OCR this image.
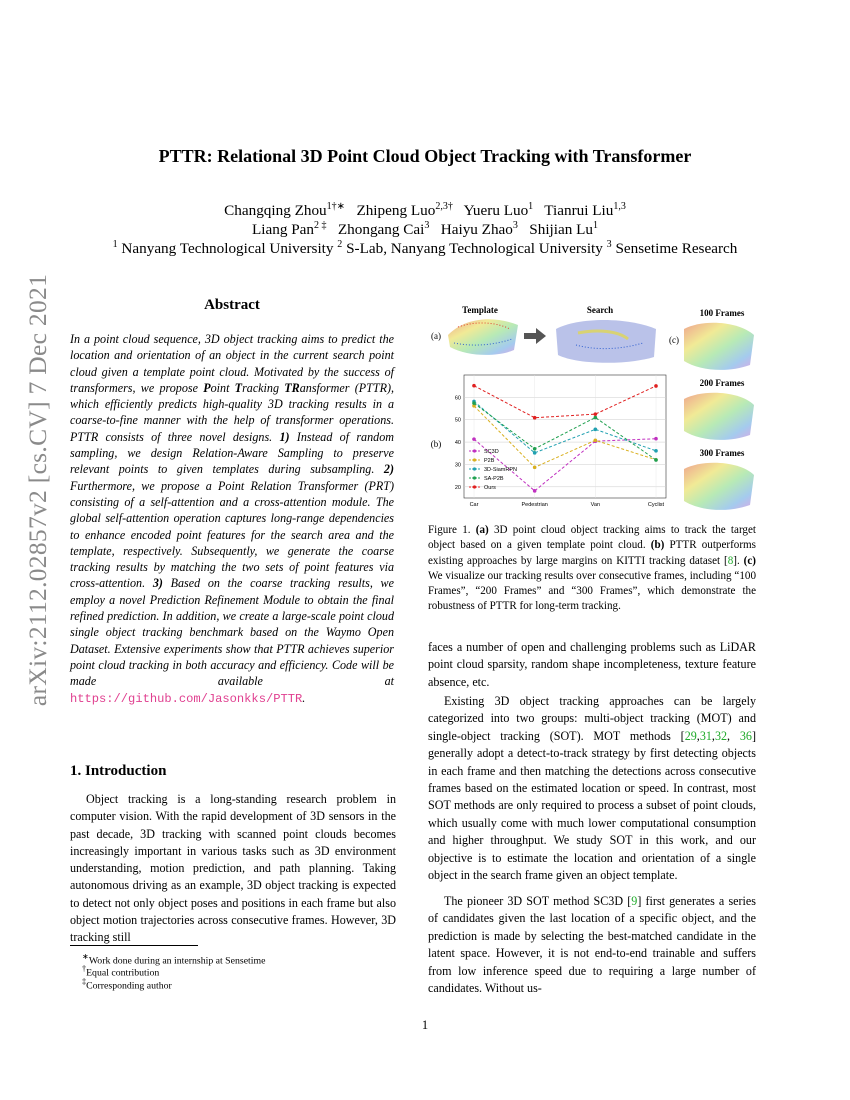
arXiv:2112.02857v2 [cs.CV] 7 Dec 2021
PTTR: Relational 3D Point Cloud Object Tracking with Transformer
Changqing Zhou$^{1\dagger∗}$ Zhipeng Luo$^{2,3\dagger}$ Yueru Luo$^1$ Tianrui Liu$^{1,3}$
Liang Pan$^{2 \ddagger}$ Zhongang Cai$^3$ Haiyu Zhao$^3$ Shijian Lu$^1$
$^1$ Nanyang Technological University $^2$ S-Lab, Nanyang Technological University $^3$ Sensetime Research
Abstract
In a point cloud sequence, 3D object tracking aims to predict the location and orientation of an object in the current search point cloud given a template point cloud. Motivated by the success of transformers, we propose Point Tracking TRansformer (PTTR), which efficiently predicts high-quality 3D tracking results in a coarse-to-fine manner with the help of transformer operations. PTTR consists of three novel designs. 1) Instead of random sampling, we design Relation-Aware Sampling to preserve relevant points to given templates during subsampling. 2) Furthermore, we propose a Point Relation Transformer (PRT) consisting of a self-attention and a cross-attention module. The global self-attention operation captures long-range dependencies to enhance encoded point features for the search area and the template, respectively. Subsequently, we generate the coarse tracking results by matching the two sets of point features via cross-attention. 3) Based on the coarse tracking results, we employ a novel Prediction Refinement Module to obtain the final refined prediction. In addition, we create a large-scale point cloud single object tracking benchmark based on the Waymo Open Dataset. Extensive experiments show that PTTR achieves superior point cloud tracking in both accuracy and efficiency. Code will be made available at https://github.com/Jasonkks/PTTR.
1. Introduction
Object tracking is a long-standing research problem in computer vision. With the rapid development of 3D sensors in the past decade, 3D tracking with scanned point clouds becomes increasingly important in various tasks such as 3D environment understanding, motion prediction, and path planning. Taking autonomous driving as an example, 3D object tracking is expected to detect not only object poses and positions in each frame but also object motion trajectories across consecutive frames. However, 3D tracking still
∗Work done during an internship at Sensetime
†Equal contribution
‡Corresponding author
(a)
Template	Search
(c)
100 Frames
200 Frames
300 Frames
(b)
20
30
40
50
60
Car	Pedestrian	Van	Cyclist
SC3D
P2B
3D-SiamRPN
SA-P2B
Ours
Figure 1. (a) 3D point cloud object tracking aims to track the target object based on a given template point cloud. (b) PTTR outperforms existing approaches by large margins on KITTI tracking dataset [8]. (c) We visualize our tracking results over consecutive frames, including “100 Frames”, “200 Frames” and “300 Frames”, which demonstrate the robustness of PTTR for long-term tracking.
faces a number of open and challenging problems such as LiDAR point cloud sparsity, random shape incompleteness, texture feature absence, etc.
Existing 3D object tracking approaches can be largely categorized into two groups: multi-object tracking (MOT) and single-object tracking (SOT). MOT methods [29,31,32, 36] generally adopt a detect-to-track strategy by first detecting objects in each frame and then matching the detections across consecutive frames based on the estimated location or speed. In contrast, most SOT methods are only required to process a subset of point clouds, which usually come with much lower computational consumption and higher throughput. We study SOT in this work, and our objective is to estimate the location and orientation of a single object in the search frame given an object template.
The pioneer 3D SOT method SC3D [9] first generates a series of candidates given the last location of a specific object, and the prediction is made by selecting the best-matched candidate in the latent space. However, it is not end-to-end trainable and suffers from low inference speed due to requiring a large number of candidates. Without us-
1
